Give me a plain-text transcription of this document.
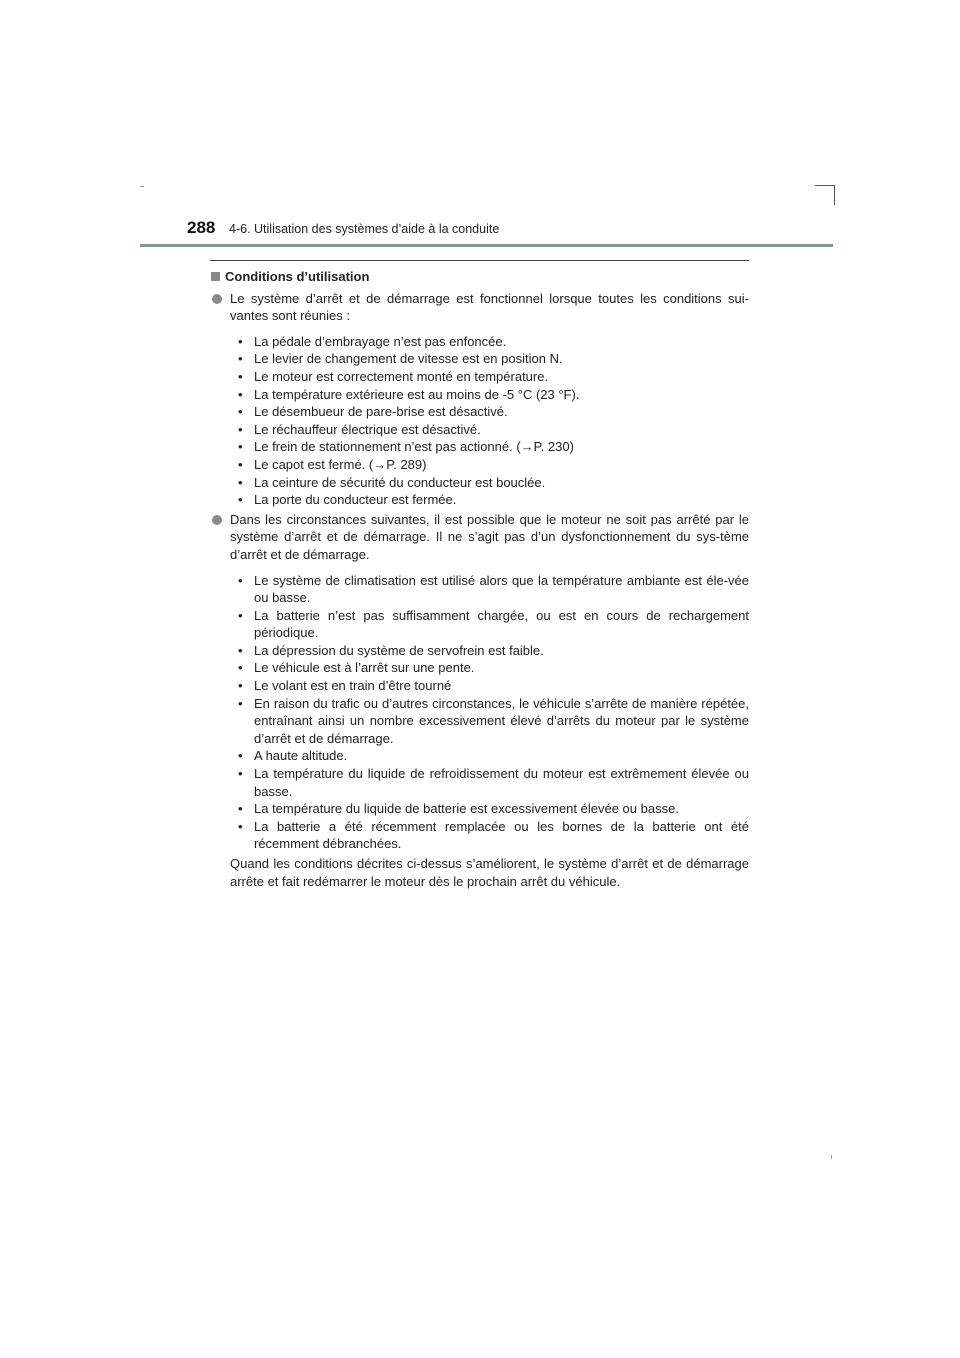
288 4-6. Utilisation des systèmes d’aide à la conduite
Conditions d’utilisation

Le système d’arrêt et de démarrage est fonctionnel lorsque toutes les conditions sui-vantes sont réunies :

• La pédale d’embrayage n’est pas enfoncée.
• Le levier de changement de vitesse est en position N.
• Le moteur est correctement monté en température.
• La température extérieure est au moins de -5 °C (23 °F).
• Le désembueur de pare-brise est désactivé.
• Le réchauffeur électrique est désactivé.
• Le frein de stationnement n’est pas actionné. (→P. 230)
• Le capot est fermé. (→P. 289)
• La ceinture de sécurité du conducteur est bouclée.
• La porte du conducteur est fermée.

Dans les circonstances suivantes, il est possible que le moteur ne soit pas arrêté par le système d’arrêt et de démarrage. Il ne s’agit pas d’un dysfonctionnement du sys-tème d’arrêt et de démarrage.

• Le système de climatisation est utilisé alors que la température ambiante est éle-vée ou basse.
• La batterie n’est pas suffisamment chargée, ou est en cours de rechargement périodique.
• La dépression du système de servofrein est faible.
• Le véhicule est à l’arrêt sur une pente.
• Le volant est en train d’être tourné
• En raison du trafic ou d’autres circonstances, le véhicule s’arrête de manière répétée, entraînant ainsi un nombre excessivement élevé d’arrêts du moteur par le système d’arrêt et de démarrage.
• A haute altitude.
• La température du liquide de refroidissement du moteur est extrêmement élevée ou basse.
• La température du liquide de batterie est excessivement élevée ou basse.
• La batterie a été récemment remplacée ou les bornes de la batterie ont été récemment débranchées.

Quand les conditions décrites ci-dessus s’améliorent, le système d’arrêt et de démarrage arrête et fait redémarrer le moteur dès le prochain arrêt du véhicule.
